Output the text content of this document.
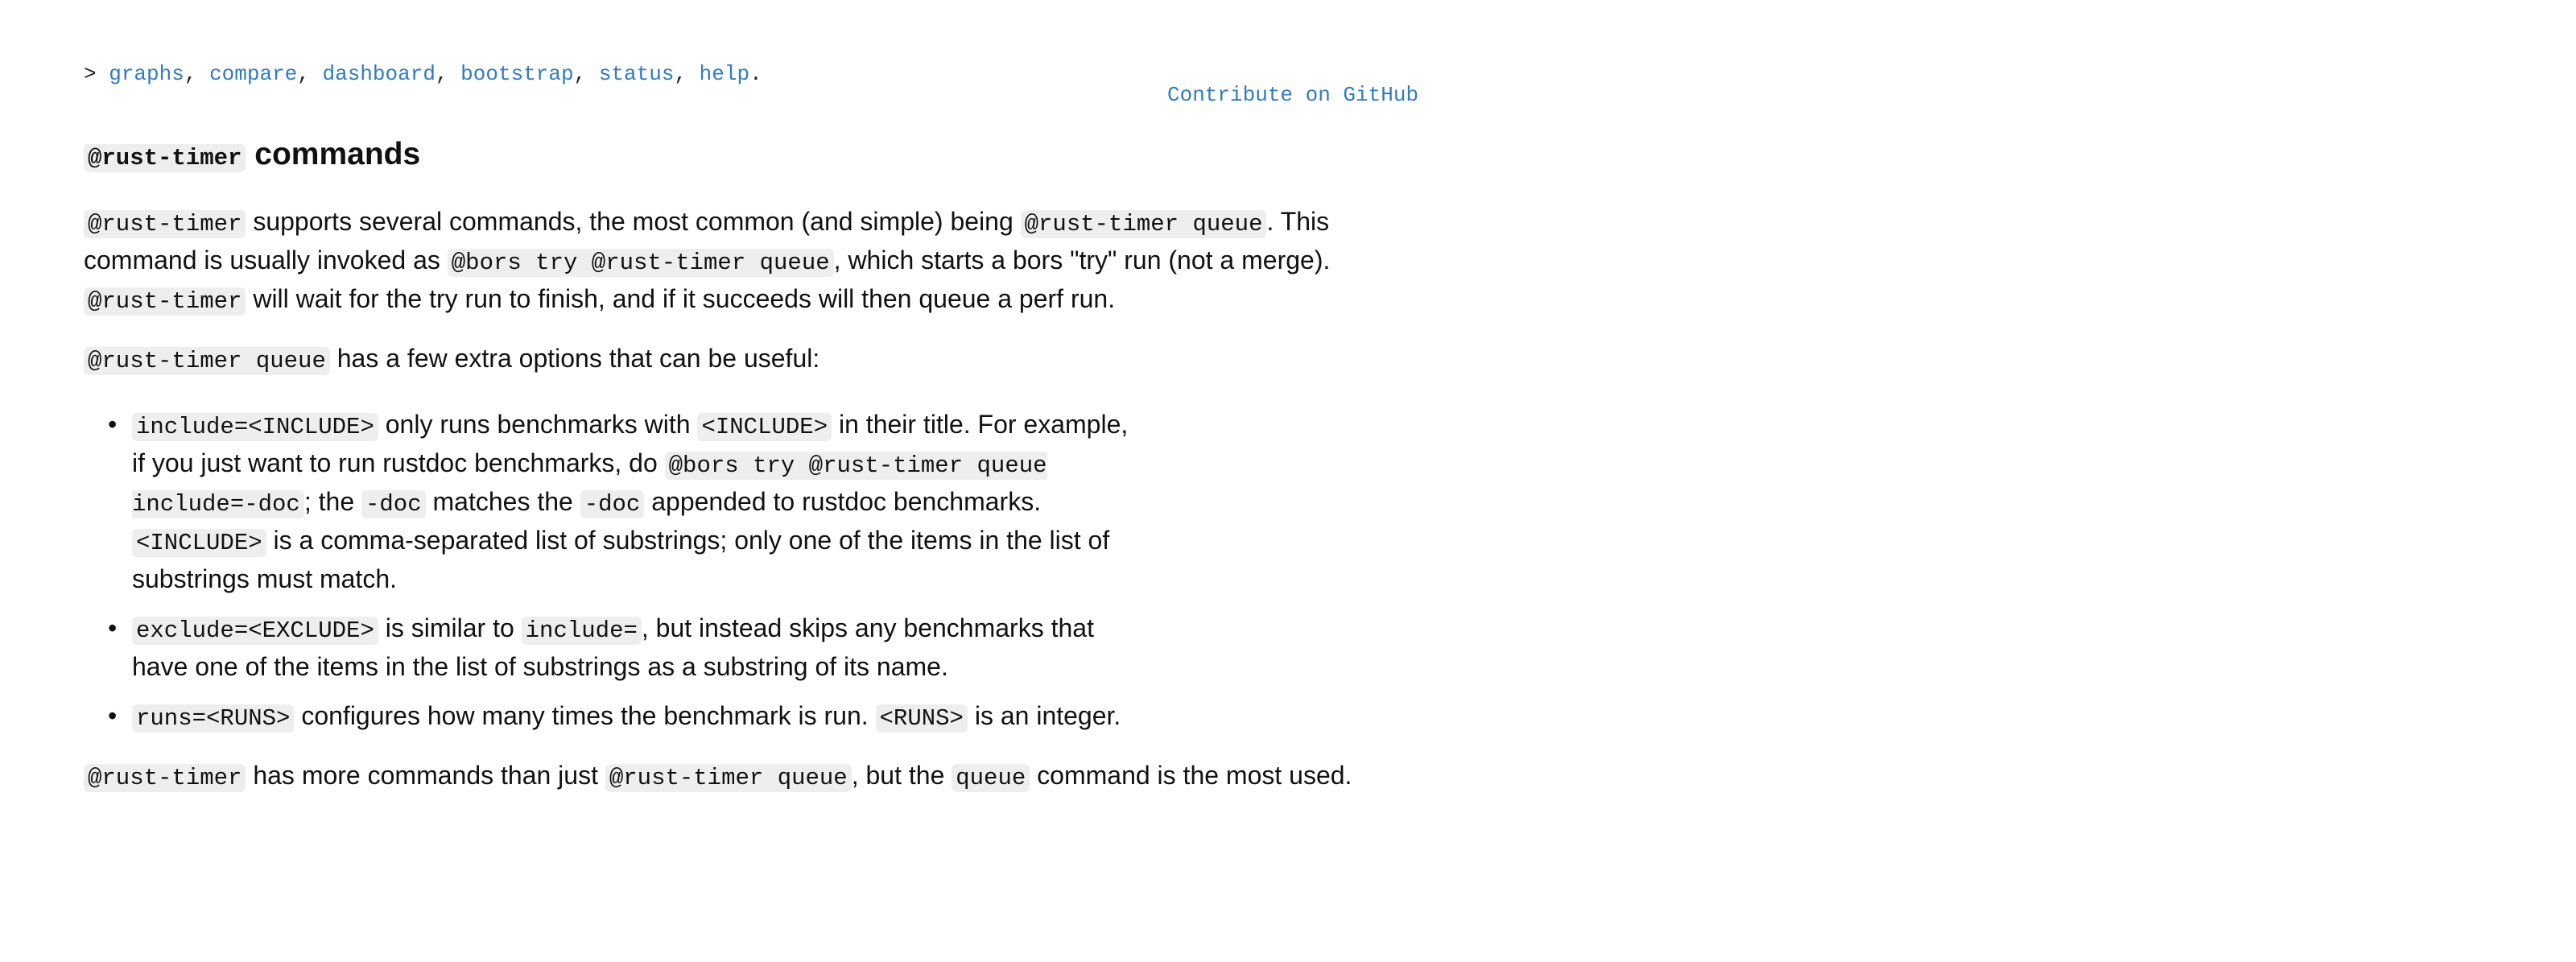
> graphs, compare, dashboard, bootstrap, status, help.
Contribute on GitHub
@rust-timer commands

@rust-timer supports several commands, the most common (and simple) being @rust-timer queue . This command is usually invoked as @bors try @rust-timer queue , which starts a bors "try" run (not a merge). @rust-timer will wait for the try run to finish, and if it succeeds will then queue a perf run.

@rust-timer queue has a few extra options that can be useful:

• include=<INCLUDE> only runs benchmarks with <INCLUDE> in their title. For example, if you just want to run rustdoc benchmarks, do @bors try @rust-timer queue include=-doc ; the -doc matches the -doc appended to rustdoc benchmarks. <INCLUDE> is a comma-separated list of substrings; only one of the items in the list of substrings must match.
• exclude=<EXCLUDE> is similar to include= , but instead skips any benchmarks that have one of the items in the list of substrings as a substring of its name.
• runs=<RUNS> configures how many times the benchmark is run. <RUNS> is an integer.

@rust-timer has more commands than just @rust-timer queue , but the queue command is the most used.
